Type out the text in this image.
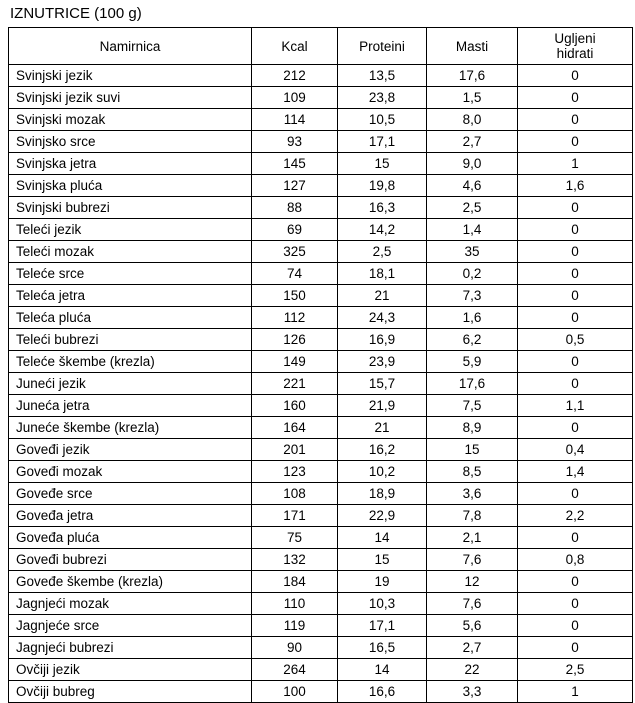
IZNUTRICE (100 g)
Namirnica	Kcal	Proteini	Masti	Ugljeni
hidrati

Svinjski jezik	212	13,5	17,6	0
Svinjski jezik suvi	109	23,8	1,5	0
Svinjski mozak	114	10,5	8,0	0
Svinjsko srce	93	17,1	2,7	0
Svinjska jetra	145	15	9,0	1
Svinjska pluća	127	19,8	4,6	1,6
Svinjski bubrezi	88	16,3	2,5	0
Teleći jezik	69	14,2	1,4	0
Teleći mozak	325	2,5	35	0
Teleće srce	74	18,1	0,2	0
Teleća jetra	150	21	7,3	0
Teleća pluća	112	24,3	1,6	0
Teleći bubrezi	126	16,9	6,2	0,5
Teleće škembe (krezla)	149	23,9	5,9	0
Juneći jezik	221	15,7	17,6	0
Juneća jetra	160	21,9	7,5	1,1
Juneće škembe (krezla)	164	21	8,9	0
Goveđi jezik	201	16,2	15	0,4
Goveđi mozak	123	10,2	8,5	1,4
Goveđe srce	108	18,9	3,6	0
Goveđa jetra	171	22,9	7,8	2,2
Goveđa pluća	75	14	2,1	0
Goveđi bubrezi	132	15	7,6	0,8
Goveđe škembe (krezla)	184	19	12	0
Jagnjeći mozak	110	10,3	7,6	0
Jagnjeće srce	119	17,1	5,6	0
Jagnjeći bubrezi	90	16,5	2,7	0
Ovčiji jezik	264	14	22	2,5
Ovčiji bubreg	100	16,6	3,3	1
